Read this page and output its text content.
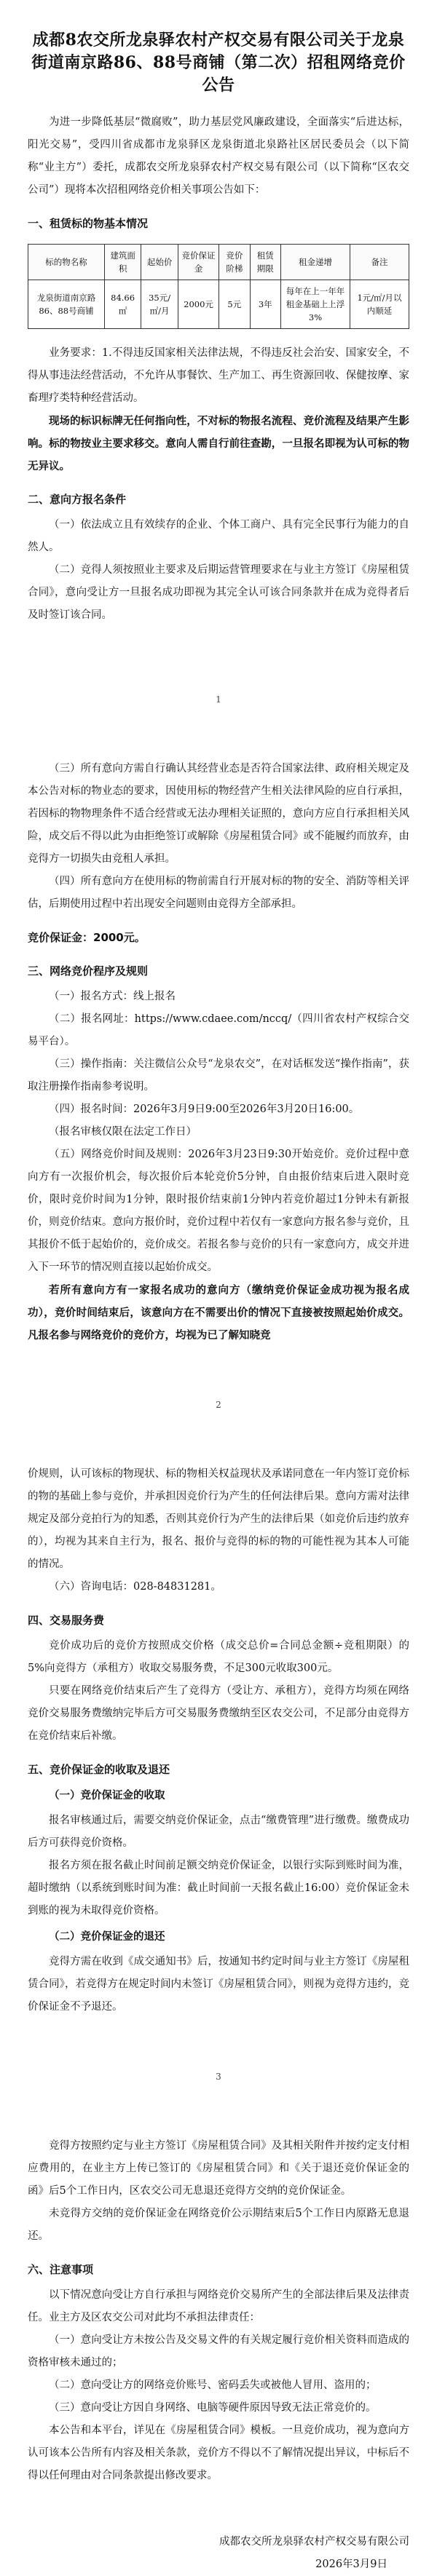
成都8农交所龙泉驿农村产权交易有限公司关于龙泉街道南京路86、88号商铺（第二次）招租网络竞价公告

为进一步降低基层“微腐败”，助力基层党风廉政建设，全面落实“后进达标，阳光交易”，受四川省成都市龙泉驿区龙泉街道北泉路社区居民委员会（以下简称“业主方”）委托，成都农交所龙泉驿农村产权交易有限公司（以下简称“区农交公司”）现将本次招租网络竞价相关事项公告如下：

一、租赁标的物基本情况
标的物名称	建筑面积	起始价	竞价保证金	竞价阶梯	租赁期限	租金递增	备注
龙泉街道南京路86、88号商铺	84.66㎡	35元/㎡/月	2000元	5元	3年	每年在上一年年租金基础上上浮3%	1元/㎡/月以内顺延

业务要求：1.不得违反国家相关法律法规，不得违反社会治安、国家安全，不得从事违法经营活动，不允许从事餐饮、生产加工、再生资源回收、保健按摩、家畜理疗类特种经营活动。

现场的标识标牌无任何指向性，不对标的物报名流程、竞价流程及结果产生影响。标的物按业主要求移交。意向人需自行前往查勘，一旦报名即视为认可标的物无异议。

二、意向方报名条件

（一）依法成立且有效续存的企业、个体工商户、具有完全民事行为能力的自然人。

（二）竞得人须按照业主要求及后期运营管理要求在与业主方签订《房屋租赁合同》，意向受让方一旦报名成功即视为其完全认可该合同条款并在成为竞得者后及时签订该合同。

1

（三）所有意向方需自行确认其经营业态是否符合国家法律、政府相关规定及本公告对标的物业态的要求，因使用标的物经营产生相关法律风险的应自行承担，若因标的物物理条件不适合经营或无法办理相关证照的，意向方应自行承担相关风险，成交后不得以此为由拒绝签订或解除《房屋租赁合同》或不能履约而放弃，由竞得方一切损失由竞租人承担。

（四）所有意向方在使用标的物前需自行开展对标的物的安全、消防等相关评估，后期使用过程中若出现安全问题则由竞得方全部承担。

竞价保证金：2000元。
三、网络竞价程序及规则

（一）报名方式：线上报名

（二）报名网址：https://www.cdaee.com/nccq/（四川省农村产权综合交易平台）。

（三）操作指南：关注微信公众号“龙泉农交”，在对话框发送“操作指南”，获取注册操作指南参考说明。

（四）报名时间：2026年3月9日9:00至2026年3月20日16:00。

（报名审核仅限在法定工作日）

（五）网络竞价时间及规则：2026年3月23日9:30开始竞价。竞价过程中意向方有一次报价机会，每次报价后本轮竞价5分钟，自由报价结束后进入限时竞价，限时竞价时间为1分钟，限时报价结束前1分钟内若竞价超过1分钟未有新报价，则竞价结束。意向方报价时，竞价过程中若仅有一家意向方报名参与竞价，且其报价不低于起始价的，竞价成交。若报名参与竞价的只有一家意向方，成交并进入下一环节的情况则直接以起始价成交。

若所有意向方有一家报名成功的意向方（缴纳竞价保证金成功视为报名成功），竞价时间结束后，该意向方在不需要出价的情况下直接被按照起始价成交。凡报名参与网络竞价的竞价方，均视为已了解知晓竞

2

价规则，认可该标的物现状、标的物相关权益现状及承诺同意在一年内签订竞价标的物的基础上参与竞价，并承担因竞价行为产生的任何法律后果。意向方需对法律规定及部分竞拍行为的知悉，否则其竞价行为产生的法律后果（如竞价后违约放弃的），均视为其来自主行为，报名、报价与竞得的标的物的可能性视为其本人可能的情况。

（六）咨询电话：028-84831281。

四、交易服务费

竞价成功后的竞价方按照成交价格（成交总价=合同总金额÷竞租期限）的5%向竞得方（承租方）收取交易服务费，不足300元收取300元。

只要在网络竞价结束后产生了竞得方（受让方、承租方），竞得方均须在网络竞价交易服务费缴纳完毕后方可交易服务费缴纳至区农交公司，不足部分由竞得方在竞价结束后补缴。

五、竞价保证金的收取及退还
（一）竞价保证金的收取

报名审核通过后，需要交纳竞价保证金，点击“缴费管理”进行缴费。缴费成功后方可获得竞价资格。

报名方须在报名截止时间前足额交纳竞价保证金，以银行实际到账时间为准，超时缴纳（以系统到账时间为准：截止时间前一天报名截止16:00）竞价保证金未到账的视为未取得竞价资格。

（二）竞价保证金的退还

竞得方需在收到《成交通知书》后，按通知书约定时间与业主方签订《房屋租赁合同》，若竞得方在规定时间内未签订《房屋租赁合同》，则视为竞得方违约，竞价保证金不予退还。

3

竞得方按照约定与业主方签订《房屋租赁合同》及其相关附件并按约定支付相应费用的，在业主方上传已签订的《房屋租赁合同》和《关于退还竞价保证金的函》后5个工作日内，区农交公司无息退还竞得方交纳的竞价保证金。

未竞得方交纳的竞价保证金在网络竞价公示期结束后5个工作日内原路无息退还。

六、注意事项

以下情况意向受让方自行承担与网络竞价交易所产生的全部法律后果及法律责任。业主方及区农交公司对此均不承担法律责任：

（一）意向受让方未按公告及交易文件的有关规定履行竞价相关资料而造成的资格审核未通过的；

（二）意向受让方的网络竞价账号、密码丢失或被他人冒用、盗用的；

（三）意向受让方因自身网络、电脑等硬件原因导致无法正常竞价的。

本公告和本平台，详见在《房屋租赁合同》模板。一旦竞价成功，视为意向方认可该本公告所有内容及相关条款，竞价方不得以不了解情况提出异议，中标后不得以任何理由对合同条款提出修改要求。

成都农交所龙泉驿农村产权交易有限公司

2026年3月9日
